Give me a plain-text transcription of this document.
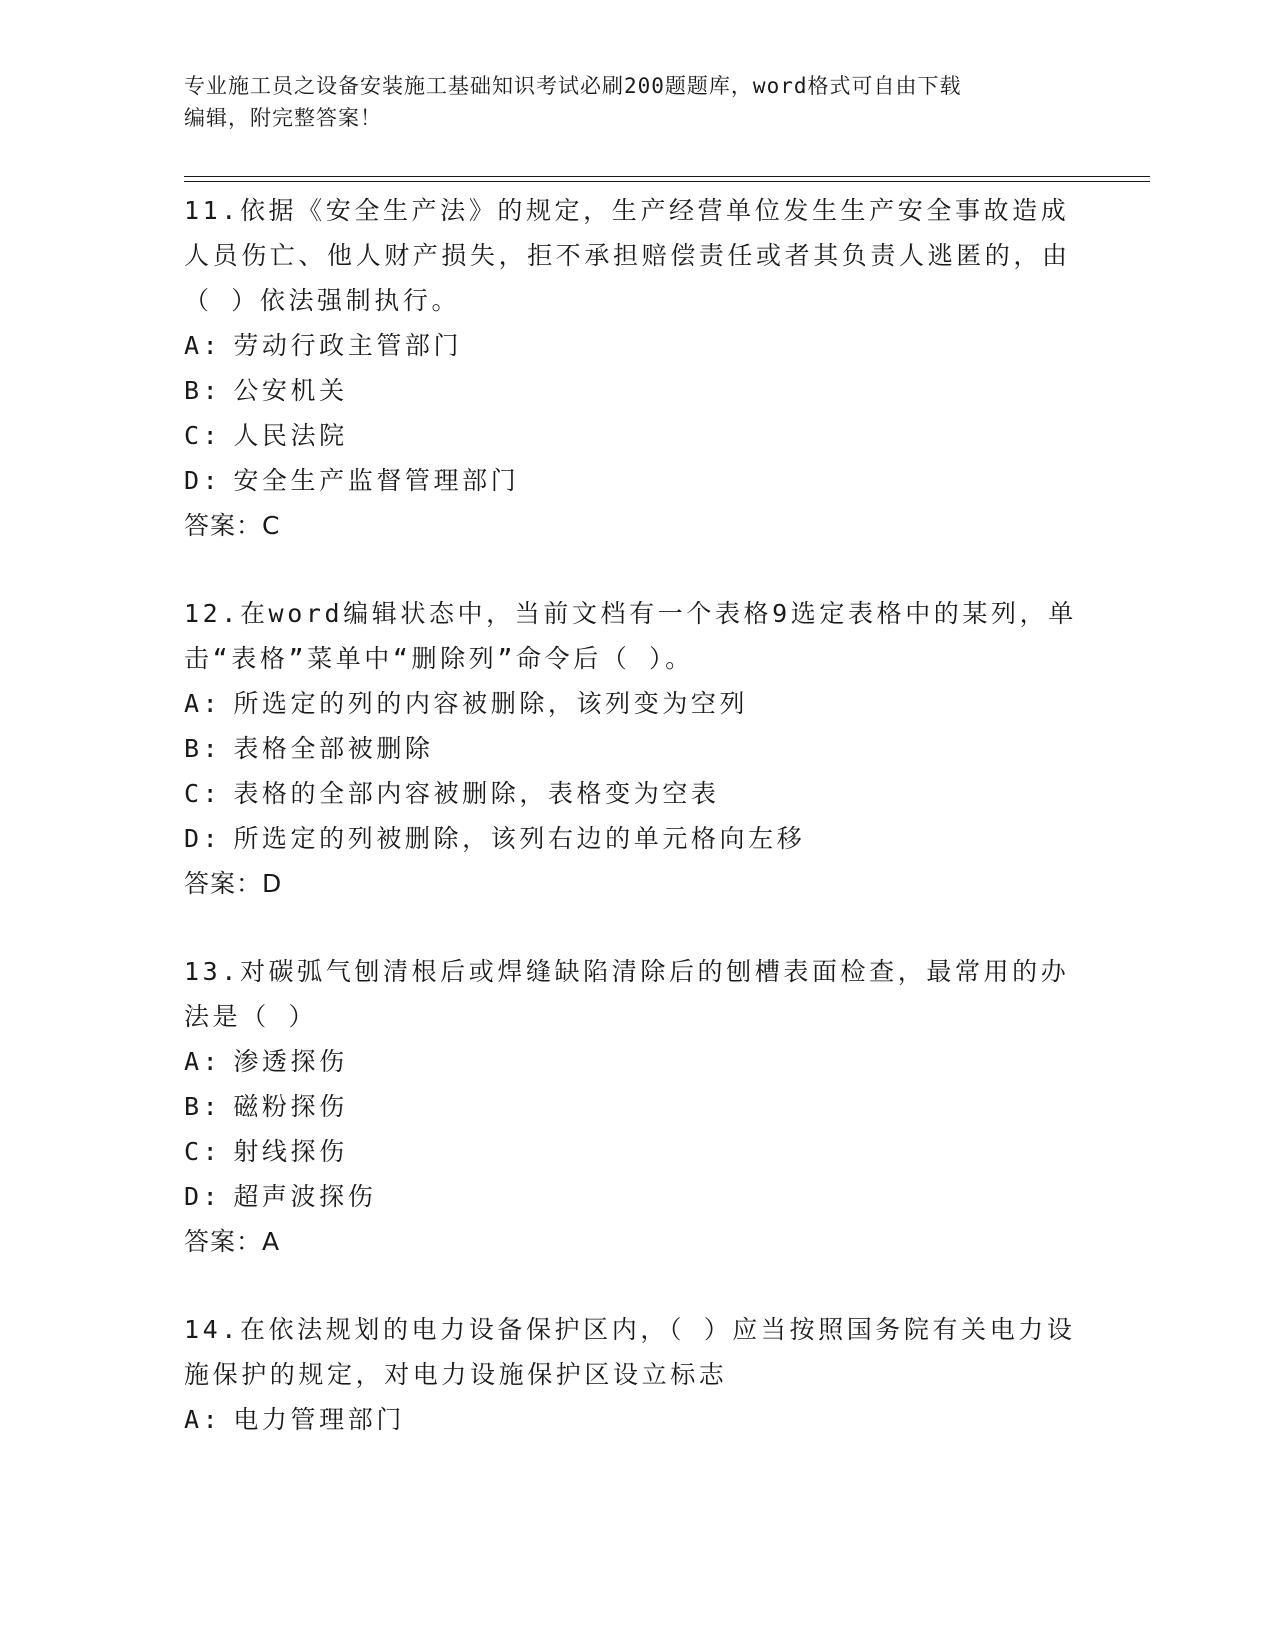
专业施工员之设备安装施工基础知识考试必刷200题题库，word格式可自由下载
编辑，附完整答案！

11.依据《安全生产法》的规定，生产经营单位发生生产安全事故造成人员伤亡、他人财产损失，拒不承担赔偿责任或者其负责人逃匿的，由（ ）依法强制执行。

A: 劳动行政主管部门
B: 公安机关
C: 人民法院
D: 安全生产监督管理部门
答案：C

12.在word编辑状态中，当前文档有一个表格9选定表格中的某列，单击“表格”菜单中“删除列”命令后（ ）。

A: 所选定的列的内容被删除，该列变为空列
B: 表格全部被删除
C: 表格的全部内容被删除，表格变为空表
D: 所选定的列被删除，该列右边的单元格向左移
答案：D

13.对碳弧气刨清根后或焊缝缺陷清除后的刨槽表面检查，最常用的办法是（ ）

A: 渗透探伤
B: 磁粉探伤
C: 射线探伤
D: 超声波探伤
答案：A

14.在依法规划的电力设备保护区内，（ ）应当按照国务院有关电力设施保护的规定，对电力设施保护区设立标志

A: 电力管理部门
